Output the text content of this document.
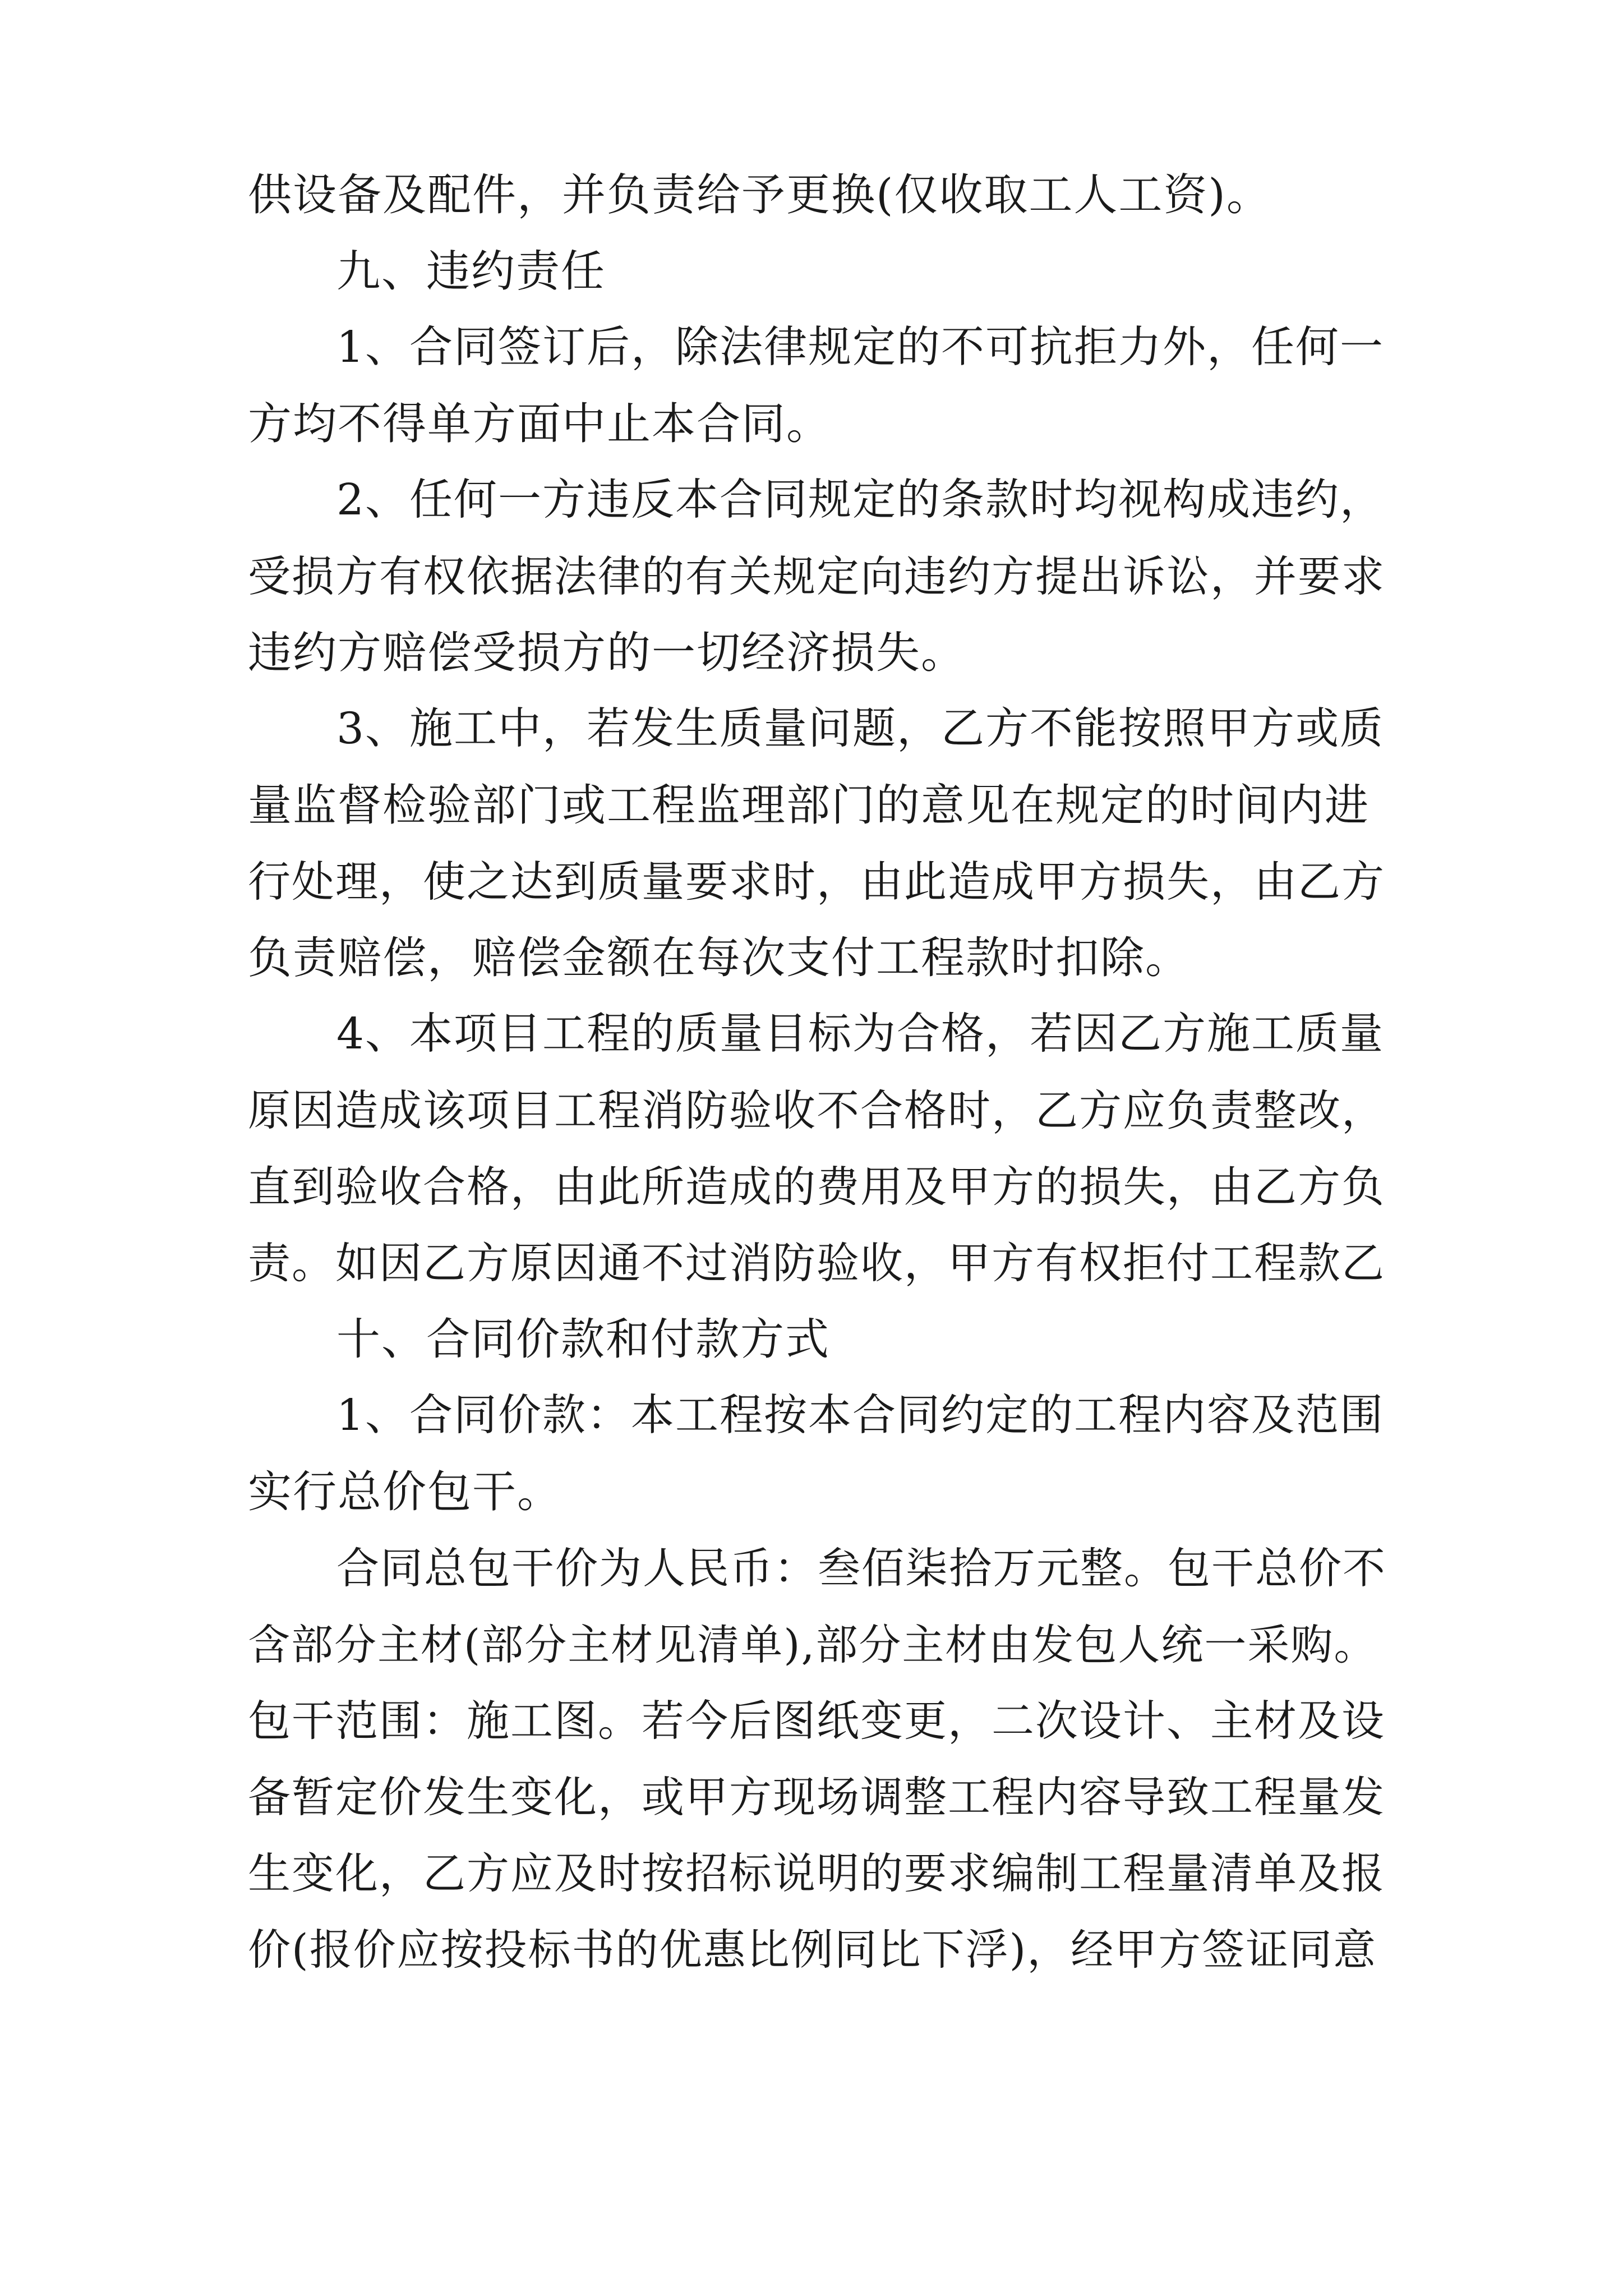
供设备及配件，并负责给予更换(仅收取工人工资)。
九、违约责任
1、合同签订后，除法律规定的不可抗拒力外，任何一
方均不得单方面中止本合同。
2、任何一方违反本合同规定的条款时均视构成违约，
受损方有权依据法律的有关规定向违约方提出诉讼，并要求
违约方赔偿受损方的一切经济损失。
3、施工中，若发生质量问题，乙方不能按照甲方或质
量监督检验部门或工程监理部门的意见在规定的时间内进
行处理，使之达到质量要求时，由此造成甲方损失，由乙方
负责赔偿，赔偿金额在每次支付工程款时扣除。
4、本项目工程的质量目标为合格，若因乙方施工质量
原因造成该项目工程消防验收不合格时，乙方应负责整改，
直到验收合格，由此所造成的费用及甲方的损失，由乙方负
责。如因乙方原因通不过消防验收，甲方有权拒付工程款乙
十、合同价款和付款方式
1、合同价款：本工程按本合同约定的工程内容及范围
实行总价包干。
合同总包干价为人民币：叁佰柒拾万元整。包干总价不
含部分主材(部分主材见清单),部分主材由发包人统一采购。
包干范围：施工图。若今后图纸变更，二次设计、主材及设
备暂定价发生变化，或甲方现场调整工程内容导致工程量发
生变化，乙方应及时按招标说明的要求编制工程量清单及报
价(报价应按投标书的优惠比例同比下浮)，经甲方签证同意
